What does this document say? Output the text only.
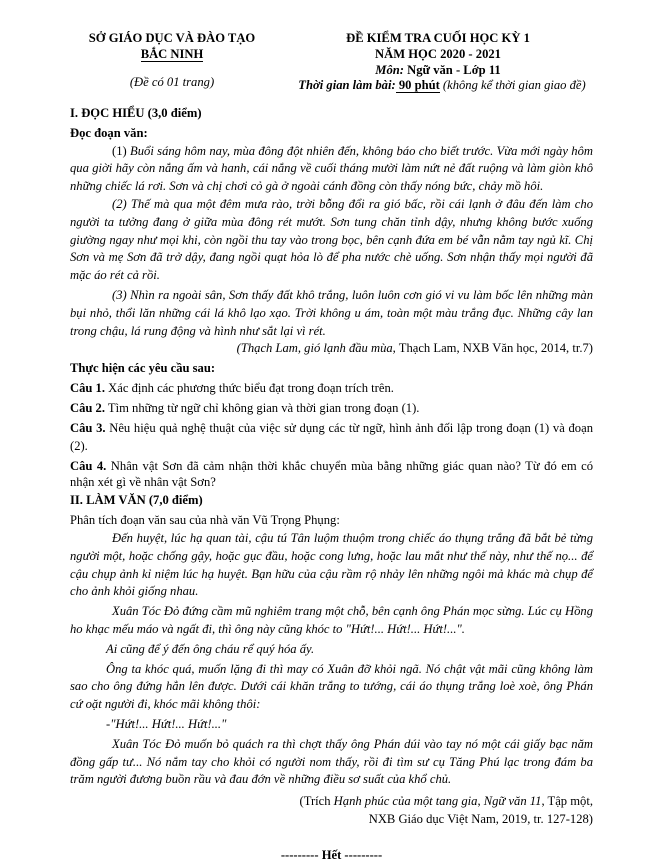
SỞ GIÁO DỤC VÀ ĐÀO TẠO
BẮC NINH
(Đề có 01 trang)
ĐỀ KIỂM TRA CUỐI HỌC KỲ 1
NĂM HỌC 2020 - 2021
Môn: Ngữ văn - Lớp 11
Thời gian làm bài: 90 phút (không kể thời gian giao đề)

I. ĐỌC HIỂU (3,0 điểm)

Đọc đoạn văn:

(1) Buổi sáng hôm nay, mùa đông đột nhiên đến, không báo cho biết trước. Vừa mới ngày hôm qua giời hãy còn nắng ấm và hanh, cái nắng về cuối tháng mười làm nứt nẻ đất ruộng và làm giòn khô những chiếc lá rơi. Sơn và chị chơi cỏ gà ở ngoài cánh đồng còn thấy nóng bức, chảy mồ hôi.

(2) Thế mà qua một đêm mưa rào, trời bỗng đổi ra gió bấc, rồi cái lạnh ở đâu đến làm cho người ta tưởng đang ở giữa mùa đông rét mướt. Sơn tung chăn tỉnh dậy, nhưng không bước xuống giường ngay như mọi khi, còn ngồi thu tay vào trong bọc, bên cạnh đứa em bé vẫn nằm tay ngủ kĩ. Chị Sơn và mẹ Sơn đã trở dậy, đang ngồi quạt hỏa lò để pha nước chè uống. Sơn nhận thấy mọi người đã mặc áo rét cả rồi.

(3) Nhìn ra ngoài sân, Sơn thấy đất khô trắng, luôn luôn cơn gió vi vu làm bốc lên những màn bụi nhỏ, thổi lăn những cái lá khô lạo xạo. Trời không u ám, toàn một màu trắng đục. Những cây lan trong chậu, lá rung động và hình như sắt lại vì rét.

(Thạch Lam, gió lạnh đầu mùa, Thạch Lam, NXB Văn học, 2014, tr.7)

Thực hiện các yêu cầu sau:

Câu 1. Xác định các phương thức biểu đạt trong đoạn trích trên.

Câu 2. Tìm những từ ngữ chỉ không gian và thời gian trong đoạn (1).

Câu 3. Nêu hiệu quả nghệ thuật của việc sử dụng các từ ngữ, hình ảnh đối lập trong đoạn (1) và đoạn (2).

Câu 4. Nhân vật Sơn đã cảm nhận thời khắc chuyển mùa bằng những giác quan nào? Từ đó em có nhận xét gì về nhân vật Sơn?

II. LÀM VĂN (7,0 điểm)

Phân tích đoạn văn sau của nhà văn Vũ Trọng Phụng:

Đến huyệt, lúc hạ quan tài, cậu tú Tân luộm thuộm trong chiếc áo thụng trắng đã bắt bẻ từng người một, hoặc chống gậy, hoặc gục đầu, hoặc cong lưng, hoặc lau mắt như thế này, như thế nọ... để cậu chụp ảnh kỉ niệm lúc hạ huyệt. Bạn hữu của cậu rầm rộ nhảy lên những ngôi mả khác mà chụp để cho ảnh khỏi giống nhau.

Xuân Tóc Đỏ đứng cầm mũ nghiêm trang một chỗ, bên cạnh ông Phán mọc sừng. Lúc cụ Hồng ho khạc mếu máo và ngất đi, thì ông này cũng khóc to "Hứt!... Hứt!... Hứt!...".

Ai cũng để ý đến ông cháu rể quý hóa ấy.

Ông ta khóc quá, muốn lặng đi thì may có Xuân đỡ khỏi ngã. Nó chật vật mãi cũng không làm sao cho ông đứng hẳn lên được. Dưới cái khăn trắng to tướng, cái áo thụng trắng loè xoè, ông Phán cứ oặt người đi, khóc mãi không thôi:

-"Hứt!... Hứt!... Hứt!..."

Xuân Tóc Đỏ muốn bỏ quách ra thì chợt thấy ông Phán dúi vào tay nó một cái giấy bạc năm đồng gấp tư... Nó nắm tay cho khỏi có người nom thấy, rồi đi tìm sư cụ Tăng Phú lạc trong đám ba trăm người đương buồn rầu và đau đớn về những điều sơ suất của khổ chủ.

(Trích Hạnh phúc của một tang gia, Ngữ văn 11, Tập một,

NXB Giáo dục Việt Nam, 2019, tr. 127-128)

--------- Hết ---------
